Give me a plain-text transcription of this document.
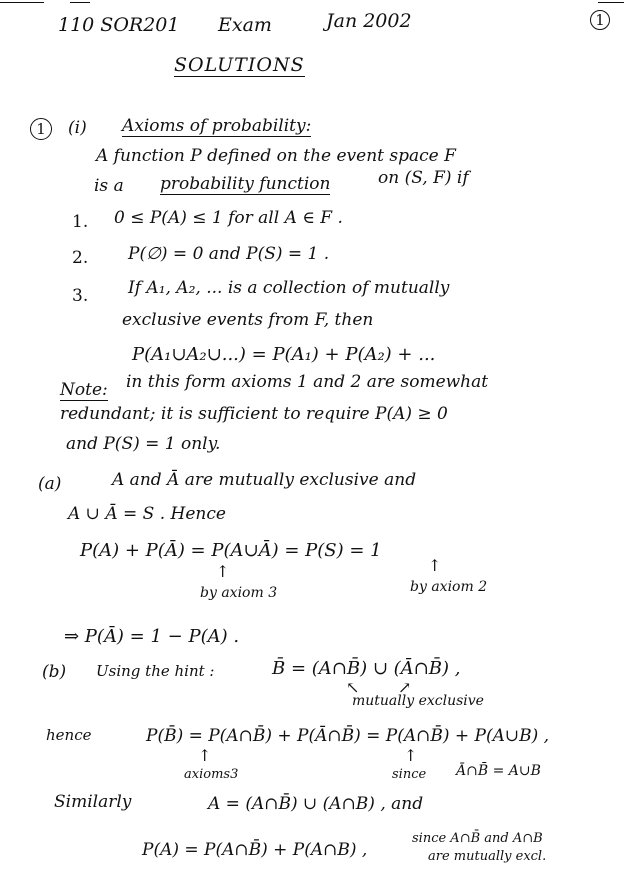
110 SOR201 Exam	Jan 2002	1
SOLUTIONS
1	(i) Axioms of probability:
A function P defined on the event space F
is a probability function	on (S, F) if
1. 0 ≤ P(A) ≤ 1 for all A ∈ F .
2. P(∅) = 0 and P(S) = 1 .
3. If A₁, A₂, ... is a collection of mutually
exclusive events from F, then
P(A₁∪A₂∪...) = P(A₁) + P(A₂) + ...
Note: in this form axioms 1 and 2 are somewhat
redundant; it is sufficient to require P(A) ≥ 0
and P(S) = 1 only.
(a)	A and Ā are mutually exclusive and
A ∪ Ā = S . Hence
P(A) + P(Ā) = P(A∪Ā) = P(S) = 1
↑	↑
by axiom 3	by axiom 2
⇒ P(Ā) = 1 − P(A) .
(b) Using the hint :	B̄ = (A∩B̄) ∪ (Ā∩B̄) ,
↖ ↗
mutually exclusive
hence	P(B̄) = P(A∩B̄) + P(Ā∩B̄) = P(A∩B̄) + P(A∪B) ,
↑	↑
axioms3	since Ā∩B̄ = A∪B
Similarly	A = (A∩B̄) ∪ (A∩B) , and
P(A) = P(A∩B̄) + P(A∩B) ,
since A∩B̄ and A∩B
are mutually excl.
